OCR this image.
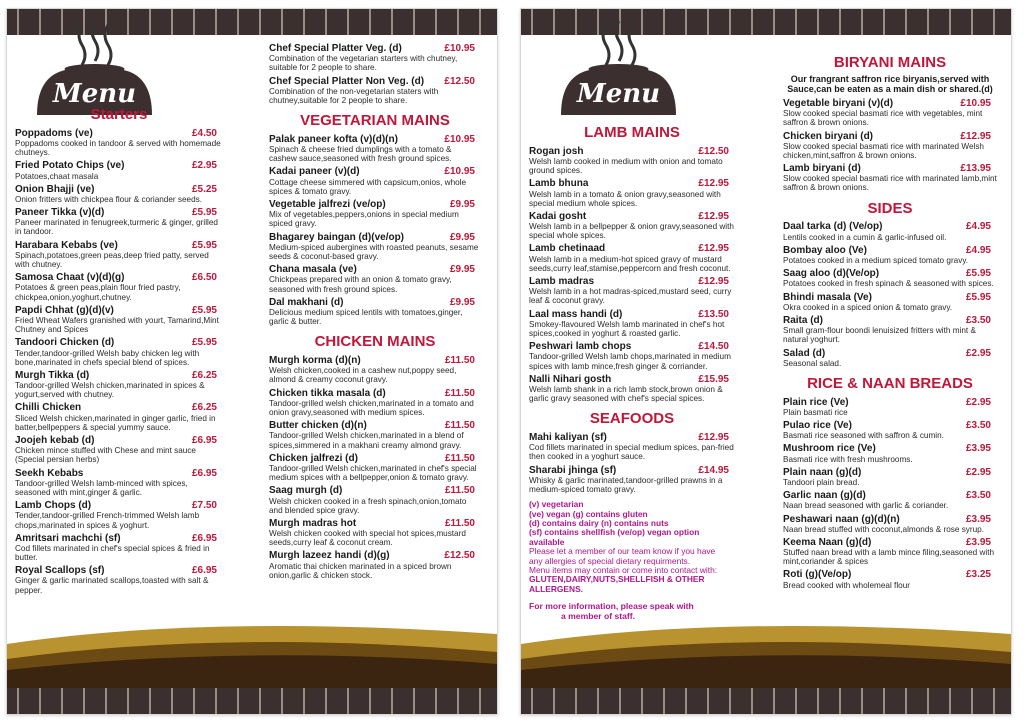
Menu
Starters
Poppadoms (ve)	£4.50
Poppadoms cooked in tandoor & served with homemade chutneys.
Fried Potato Chips (ve)	£2.95
Potatoes,chaat masala
Onion Bhajji (ve)	£5.25
Onion fritters with chickpea flour & coriander seeds.
Paneer Tikka (v)(d)	£5.95
Paneer marinated in fenugreek,turmeric & ginger, grilled in tandoor.
Harabara Kebabs (ve)	£5.95
Spinach,potatoes,green peas,deep fried patty, served with chutney.
Samosa Chaat (v)(d)(g)	£6.50
Potatoes & green peas,plain flour fried pastry, chickpea,onion,yoghurt,chutney.
Papdi Chhat (g)(d)(v)	£5.95
Fried Wheat Wafers granished with yourt, Tamarind,Mint Chutney and Spices
Tandoori Chicken (d)	£5.95
Tender,tandoor-grilled Welsh baby chicken leg with bone,marinated in chefs special blend of spices.
Murgh Tikka (d)	£6.25
Tandoor-grilled Welsh chicken,marinated in spices & yogurt,served with chutney.
Chilli Chicken	£6.25
Sliced Welsh chicken,marinated in ginger garlic, fried in batter,bellpeppers & special yummy sauce.
Joojeh kebab (d)	£6.95
Chicken mince stuffed with Chese and mint sauce (Special persian herbs)
Seekh Kebabs	£6.95
Tandoor-grilled Welsh lamb-minced with spices, seasoned with mint,ginger & garlic.
Lamb Chops (d)	£7.50
Tender,tandoor-grilled French-trimmed Welsh lamb chops,marinated in spices & yoghurt.
Amritsari machchi (sf)	£6.95
Cod fillets marinated in chef's special spices & fried in butter.
Royal Scallops (sf)	£6.95
Ginger & garlic marinated scallops,toasted with salt & pepper.
Chef Special Platter Veg. (d)	£10.95
Combination of the vegetarian starters with chutney, suitable for 2 people to share.
Chef Special Platter Non Veg. (d) £12.50
Combination of the non-vegetarian staters with chutney,suitable for 2 people to share.
VEGETARIAN MAINS
Palak paneer kofta (v)(d)(n)	£10.95
Spinach & cheese fried dumplings with a tomato & cashew sauce,seasoned with fresh ground spices.
Kadai paneer (v)(d)	£10.95
Cottage cheese simmered with capsicum,onios, whole spices & tomato gravy.
Vegetable jalfrezi (ve/op)	£9.95
Mix of vegetables,peppers,onions in special medium spiced gravy.
Bhagarey baingan (d)(ve/op)	£9.95
Medium-spiced aubergines with roasted peanuts, sesame seeds & coconut-based gravy.
Chana masala (ve)	£9.95
Chickpeas prepared with an onion & tomato gravy, seasoned with fresh ground spices.
Dal makhani (d)	£9.95
Delicious medium spiced lentils with tomatoes,ginger, garlic & butter.
CHICKEN MAINS
Murgh korma (d)(n)	£11.50
Welsh chicken,cooked in a cashew nut,poppy seed, almond & creamy coconut gravy.
Chicken tikka masala (d)	£11.50
Tandoor-grilled welsh chicken,marinated in a tomato and onion gravy,seasoned with medium spices.
Butter chicken (d)(n)	£11.50
Tandoor-grilled Welsh chicken,marinated in a blend of spices,simmered in a makhani creamy almond gravy.
Chicken jalfrezi (d)	£11.50
Tandoor-grilled Welsh chicken,marinated in chef's special medium spices with a bellpepper,onion & tomato gravy.
Saag murgh (d)	£11.50
Welsh chicken cooked in a fresh spinach,onion,tomato and blended spice gravy.
Murgh madras hot	£11.50
Welsh chicken cooked with special hot spices,mustard seeds,curry leaf & coconut cream.
Murgh lazeez handi (d)(g)	£12.50
Aromatic thai chicken marinated in a spiced brown onion,garlic & chicken stock.
Menu
LAMB MAINS
Rogan josh	£12.50
Welsh lamb cooked in medium with onion and tomato ground spices.
Lamb bhuna	£12.95
Welsh lamb in a tomato & onion gravy,seasoned with special medium whole spices.
Kadai gosht	£12.95
Welsh lamb in a bellpepper & onion gravy,seasoned with special whole spices.
Lamb chetinaad	£12.95
Welsh lamb in a medium-hot spiced gravy of mustard seeds,curry leaf,stamise,peppercorn and fresh coconut.
Lamb madras	£12.95
Welsh lamb in a hot madras-spiced,mustard seed, curry leaf & coconut gravy.
Laal mass handi (d)	£13.50
Smokey-flavoured Welsh lamb marinated in chef's hot spices,cooked in yoghurt & roasted garlic.
Peshwari lamb chops	£14.50
Tandoor-grilled Welsh lamb chops,marinated in medium spices with lamb mince,fresh ginger & corriander.
Nalli Nihari gosth	£15.95
Welsh lamb shank in a rich lamb stock,brown onion & garlic gravy seasoned with chef's special spices.
SEAFOODS
Mahi kaliyan (sf)	£12.95
Cod fillets marinated in special medium spices, pan-fried then cooked in a yoghurt sauce.
Sharabi jhinga (sf)	£14.95
Whisky & garlic marinated,tandoor-grilled prawns in a medium-spiced tomato gravy.
(v) vegetarian
(ve) vegan (g) contains gluten
(d) contains dairy (n) contains nuts
(sf) contains shellfish (ve/op) vegan option available
Please let a member of our team know if you have
any allergies of special dietary requirments.
Menu items may contain or come into contact with:
GLUTEN,DAIRY,NUTS,SHELLFISH & OTHER ALLERGENS.
For more information, please speak with
a member of staff.
BIRYANI MAINS
Our frangrant saffron rice biryanis,served with Sauce,can be eaten as a main dish or shared.(d)
Vegetable biryani (v)(d)	£10.95
Slow cooked special basmati rice with vegetables, mint saffron & brown onions.
Chicken biryani (d)	£12.95
Slow cooked special basmati rice with marinated Welsh chicken,mint,saffron & brown onions.
Lamb biryani (d)	£13.95
Slow cooked special basmati rice with marinated lamb,mint saffron & brown onions.
SIDES
Daal tarka (d) (Ve/op)	£4.95
Lentils cooked in a cumin & garlic-infused oil.
Bombay aloo (Ve)	£4.95
Potatoes cooked in a medium spiced tomato gravy.
Saag aloo (d)(Ve/op)	£5.95
Potatoes cooked in fresh spinach & seasoned with spices.
Bhindi masala (Ve)	£5.95
Okra cooked in a spiced onion & tomato gravy.
Raita (d)	£3.50
Small gram-flour boondi lenuisized fritters with mint & natural yoghurt.
Salad (d)	£2.95
Seasonal salad.
RICE & NAAN BREADS
Plain rice (Ve)	£2.95
Plain basmati rice
Pulao rice (Ve)	£3.50
Basmati rice seasoned with saffron & cumin.
Mushroom rice (Ve)	£3.95
Basmati rice with fresh mushrooms.
Plain naan (g)(d)	£2.95
Tandoori plain bread.
Garlic naan (g)(d)	£3.50
Naan bread seasoned with garlic & coriander.
Peshawari naan (g)(d)(n)	£3.95
Naan bread stuffed with coconut,almonds & rose syrup.
Keema Naan (g)(d)	£3.95
Stuffed naan bread with a lamb mince filing,seasoned with mint,coriander & spices
Roti (g)(Ve/op)	£3.25
Bread cooked with wholemeal flour
